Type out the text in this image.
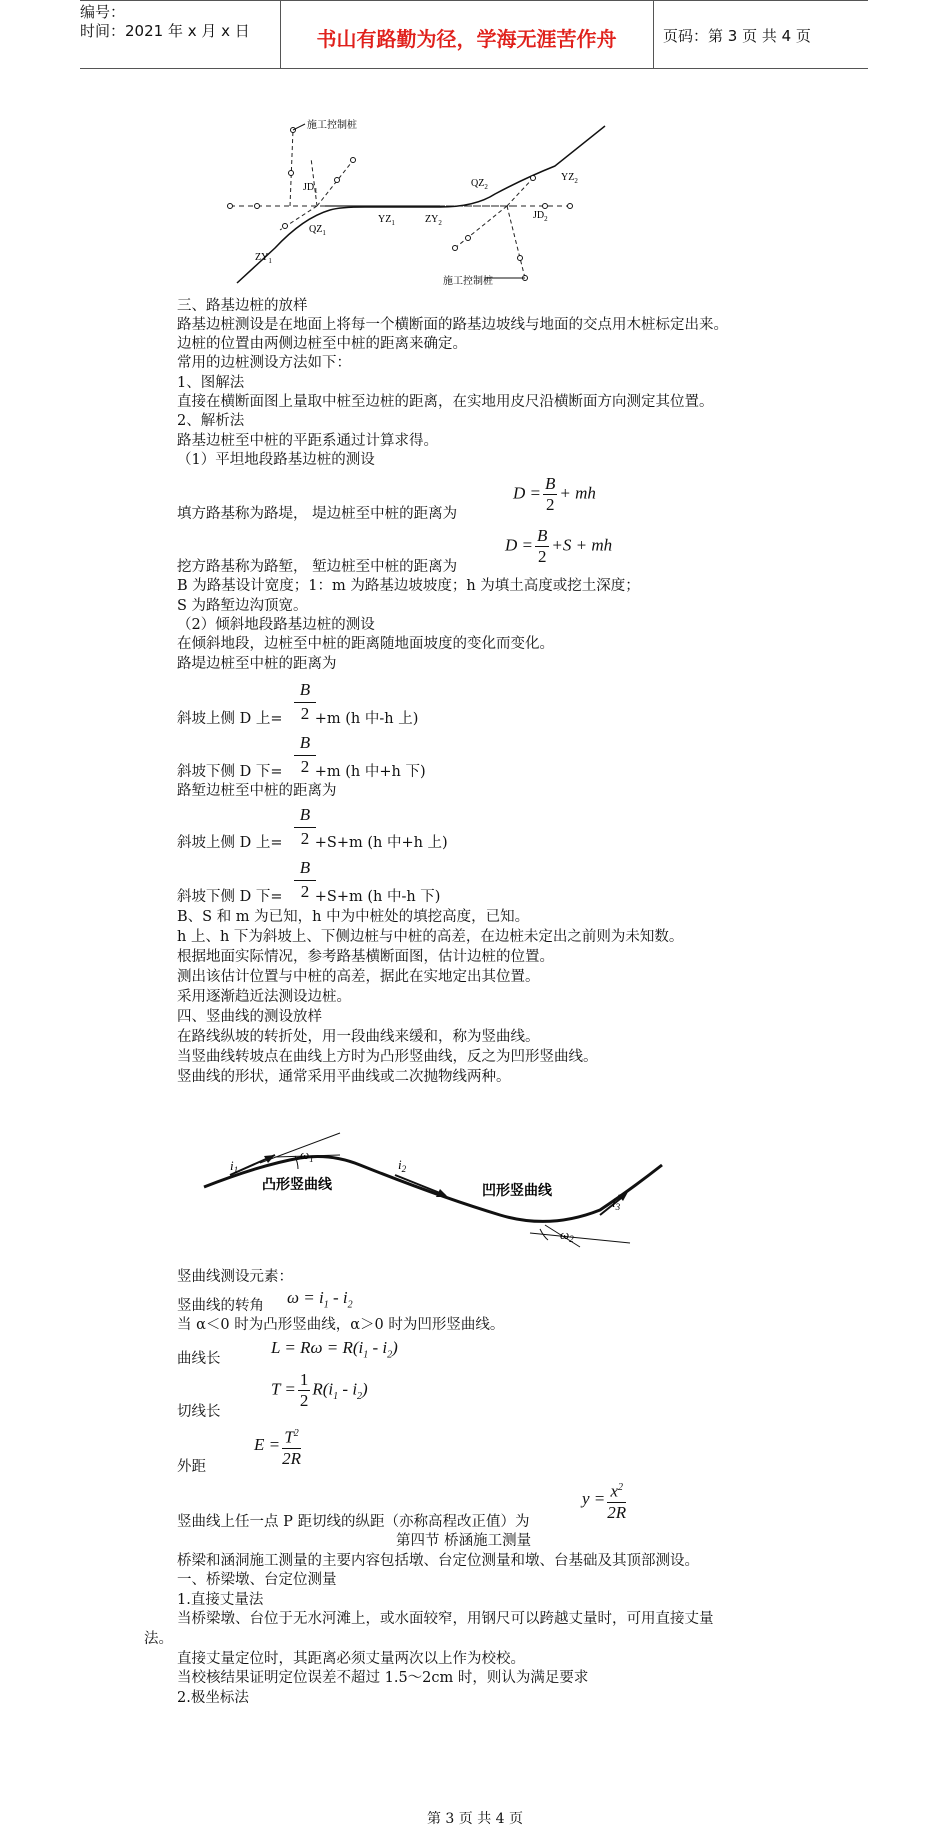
编号：
时间：2021 年 x 月 x 日	书山有路勤为径，学海无涯苦作舟	页码：第 3 页 共 4 页
施工控制桩
施工控制桩
$JD_1$
$QZ_1$
$YZ_1$
$ZY_1$
$ZY_2$
$QZ_2$
$JD_2$
$YZ_2$
三、路基边桩的放样
路基边桩测设是在地面上将每一个横断面的路基边坡线与地面的交点用木桩标定出来。
边桩的位置由两侧边桩至中桩的距离来确定。
常用的边桩测设方法如下：
1、图解法
直接在横断面图上量取中桩至边桩的距离，在实地用皮尺沿横断面方向测定其位置。
2、解析法
路基边桩至中桩的平距系通过计算求得。
（1）平坦地段路基边桩的测设
$D = \frac{B}{2}$ + mh
填方路基称为路堤， 堤边桩至中桩的距离为
$D = \frac{B}{2} +S$ + mh
挖方路基称为路堑， 堑边桩至中桩的距离为
B 为路基设计宽度；1：m 为路基边坡坡度；h 为填土高度或挖土深度；
S 为路堑边沟顶宽。
（2）倾斜地段路基边桩的测设
在倾斜地段，边桩至中桩的距离随地面坡度的变化而变化。
路堤边桩至中桩的距离为
B
2
斜坡上侧 D 上= +m (h 中-h 上)
B
2
斜坡下侧 D 下= +m (h 中+h 下)
路堑边桩至中桩的距离为
B
2
斜坡上侧 D 上= +S+m (h 中+h 上)
B
2
斜坡下侧 D 下= +S+m (h 中-h 下)
B、S 和 m 为已知，h 中为中桩处的填挖高度，已知。
h 上、h 下为斜坡上、下侧边桩与中桩的高差，在边桩未定出之前则为未知数。
根据地面实际情况，参考路基横断面图，估计边桩的位置。
测出该估计位置与中桩的高差，据此在实地定出其位置。
采用逐渐趋近法测设边桩。
四、竖曲线的测设放样
在路线纵坡的转折处，用一段曲线来缓和，称为竖曲线。
当竖曲线转坡点在曲线上方时为凸形竖曲线，反之为凹形竖曲线。
竖曲线的形状，通常采用平曲线或二次抛物线两种。
$i_1$
$\omega_1$
凸形竖曲线
$i_2$
凹形竖曲线
$i_3$
$\omega_2$
竖曲线测设元素：
$\omega = i_1 - i_2$
竖曲线的转角
当 α＜0 时为凸形竖曲线，α＞0 时为凹形竖曲线。
$L = R\omega = R(i_1 - i_2)$
曲线长
$T = \frac{1}{2} R(i_1 - i_2)$
切线长
$E = \frac{T^2}{2R}$
外距
$y = \frac{x^2}{2R}$
竖曲线上任一点 P 距切线的纵距（亦称高程改正值）为
第四节 桥涵施工测量
桥梁和涵洞施工测量的主要内容包括墩、台定位测量和墩、台基础及其顶部测设。
一、桥梁墩、台定位测量
1.直接丈量法
当桥梁墩、台位于无水河滩上，或水面较窄，用钢尺可以跨越丈量时，可用直接丈量
法。
直接丈量定位时，其距离必须丈量两次以上作为校校。
当校核结果证明定位误差不超过 1.5～2cm 时，则认为满足要求
2.极坐标法
第 3 页 共 4 页
